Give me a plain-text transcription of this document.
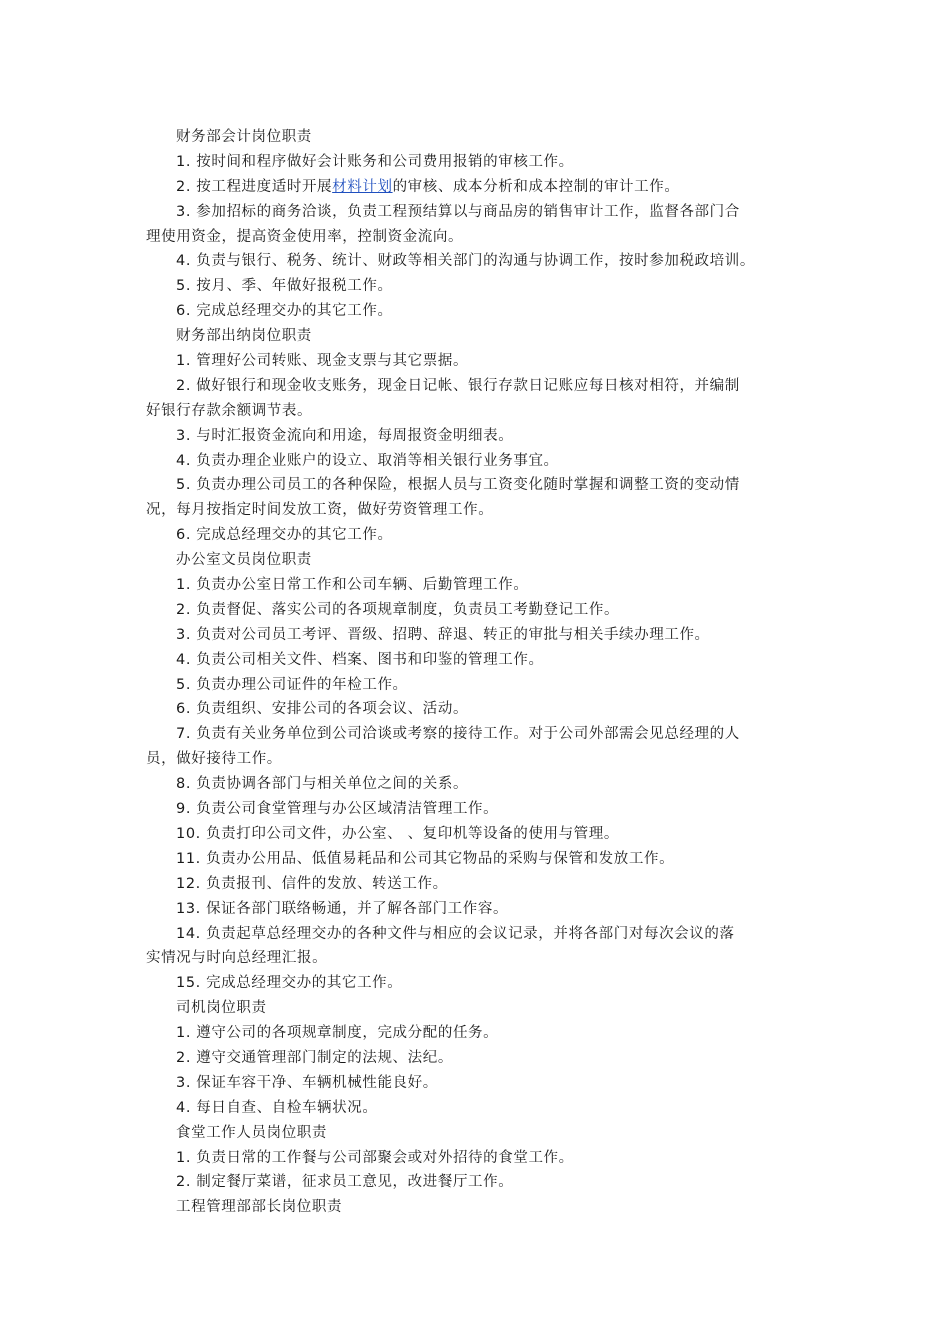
财务部会计岗位职责
1. 按时间和程序做好会计账务和公司费用报销的审核工作。
2. 按工程进度适时开展材料计划的审核、成本分析和成本控制的审计工作。
3. 参加招标的商务洽谈，负责工程预结算以与商品房的销售审计工作，监督各部门合
理使用资金，提高资金使用率，控制资金流向。
4. 负责与银行、税务、统计、财政等相关部门的沟通与协调工作，按时参加税政培训。
5. 按月、季、年做好报税工作。
6. 完成总经理交办的其它工作。
财务部出纳岗位职责
1. 管理好公司转账、现金支票与其它票据。
2. 做好银行和现金收支账务，现金日记帐、银行存款日记账应每日核对相符，并编制
好银行存款余额调节表。
3. 与时汇报资金流向和用途，每周报资金明细表。
4. 负责办理企业账户的设立、取消等相关银行业务事宜。
5. 负责办理公司员工的各种保险，根据人员与工资变化随时掌握和调整工资的变动情
况，每月按指定时间发放工资，做好劳资管理工作。
6. 完成总经理交办的其它工作。
办公室文员岗位职责
1. 负责办公室日常工作和公司车辆、后勤管理工作。
2. 负责督促、落实公司的各项规章制度，负责员工考勤登记工作。
3. 负责对公司员工考评、晋级、招聘、辞退、转正的审批与相关手续办理工作。
4. 负责公司相关文件、档案、图书和印鉴的管理工作。
5. 负责办理公司证件的年检工作。
6. 负责组织、安排公司的各项会议、活动。
7. 负责有关业务单位到公司洽谈或考察的接待工作。对于公司外部需会见总经理的人
员，做好接待工作。
8. 负责协调各部门与相关单位之间的关系。
9. 负责公司食堂管理与办公区域清洁管理工作。
10. 负责打印公司文件，办公室、 、复印机等设备的使用与管理。
11. 负责办公用品、低值易耗品和公司其它物品的采购与保管和发放工作。
12. 负责报刊、信件的发放、转送工作。
13. 保证各部门联络畅通，并了解各部门工作容。
14. 负责起草总经理交办的各种文件与相应的会议记录，并将各部门对每次会议的落
实情况与时向总经理汇报。
15. 完成总经理交办的其它工作。
司机岗位职责
1. 遵守公司的各项规章制度，完成分配的任务。
2. 遵守交通管理部门制定的法规、法纪。
3. 保证车容干净、车辆机械性能良好。
4. 每日自查、自检车辆状况。
食堂工作人员岗位职责
1. 负责日常的工作餐与公司部聚会或对外招待的食堂工作。
2. 制定餐厅菜谱，征求员工意见，改进餐厅工作。
工程管理部部长岗位职责
